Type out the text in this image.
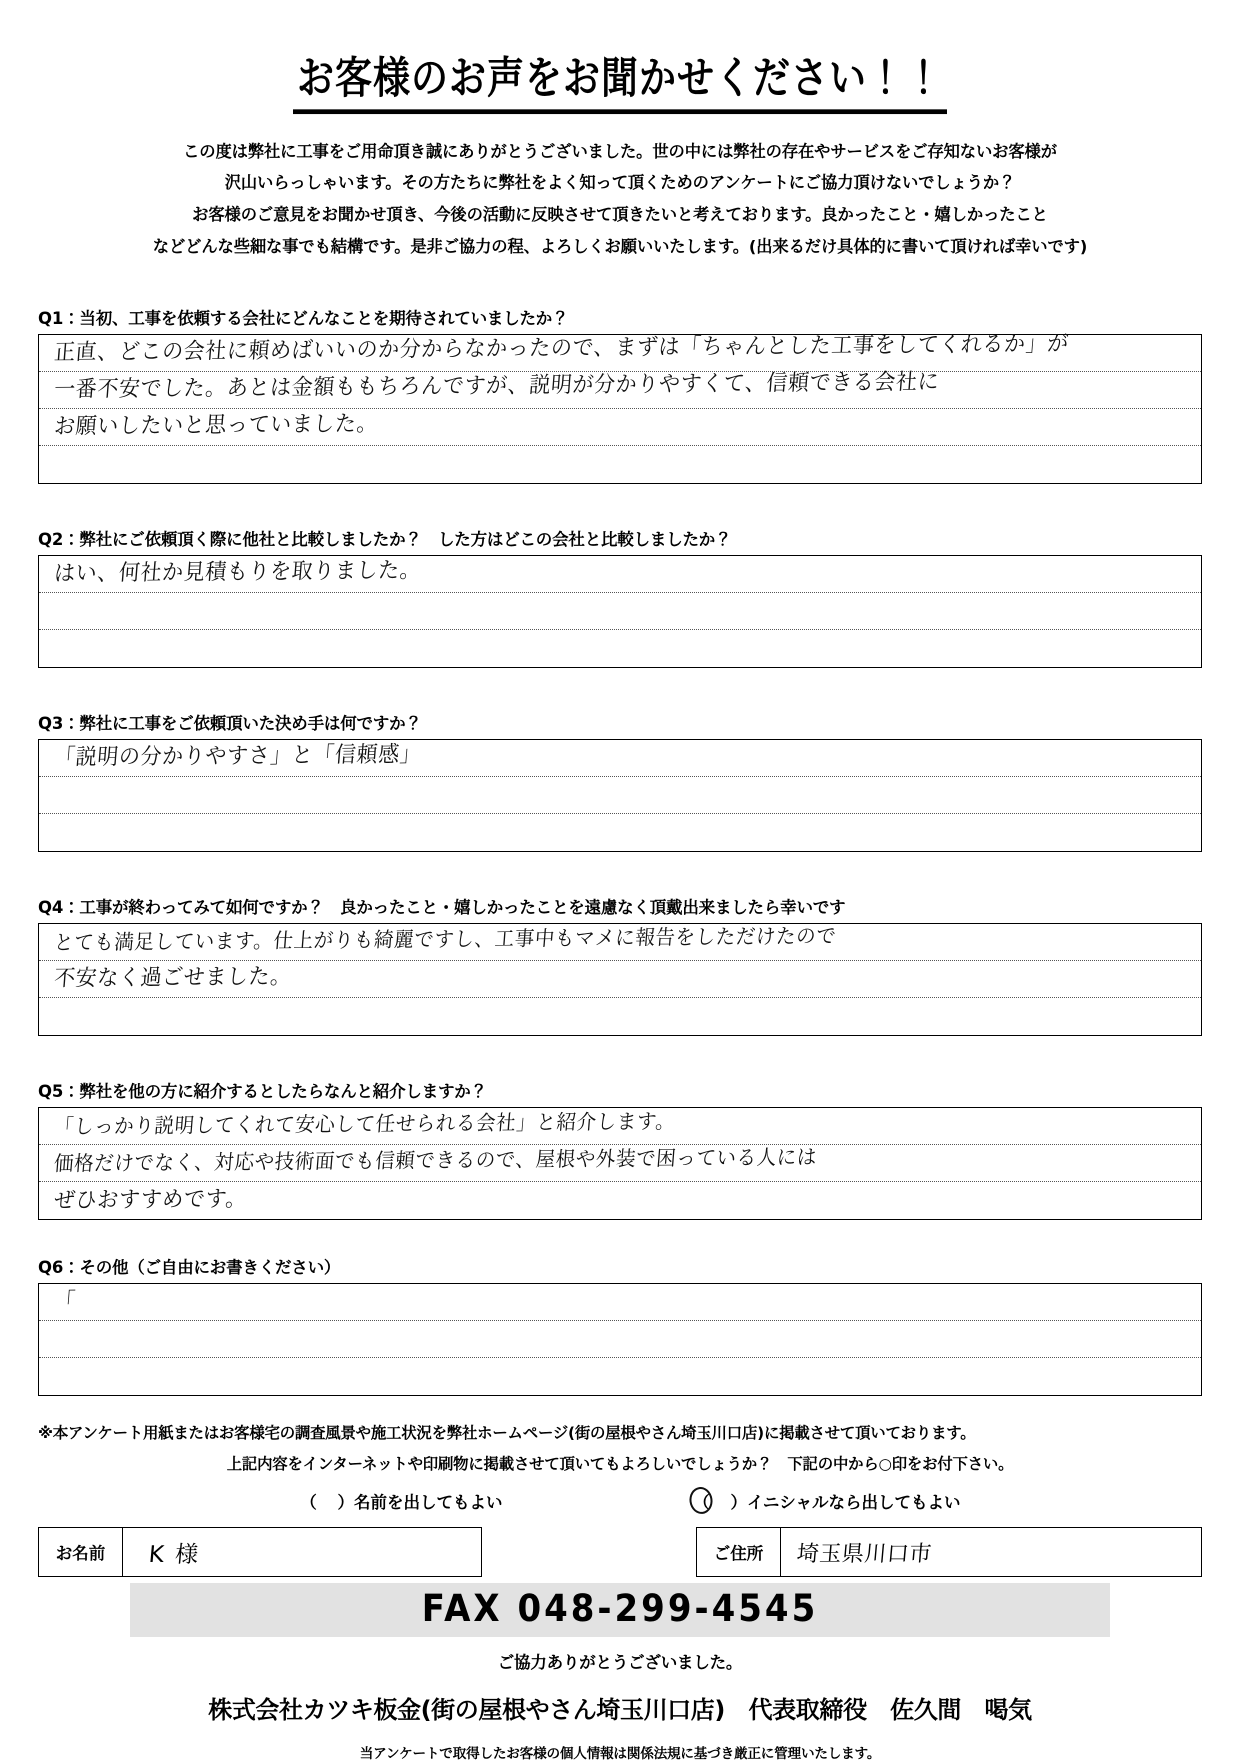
お客様のお声をお聞かせください！！
この度は弊社に工事をご用命頂き誠にありがとうございました。世の中には弊社の存在やサービスをご存知ないお客様が
沢山いらっしゃいます。その方たちに弊社をよく知って頂くためのアンケートにご協力頂けないでしょうか？
お客様のご意見をお聞かせ頂き、今後の活動に反映させて頂きたいと考えております。良かったこと・嬉しかったこと
などどんな些細な事でも結構です。是非ご協力の程、よろしくお願いいたします。(出来るだけ具体的に書いて頂ければ幸いです)
Q1：当初、工事を依頼する会社にどんなことを期待されていましたか？
正直、どこの会社に頼めばいいのか分からなかったので、まずは「ちゃんとした工事をしてくれるか」が
一番不安でした。あとは金額ももちろんですが、説明が分かりやすくて、信頼できる会社に
お願いしたいと思っていました。
Q2：弊社にご依頼頂く際に他社と比較しましたか？　した方はどこの会社と比較しましたか？
はい、何社か見積もりを取りました。
Q3：弊社に工事をご依頼頂いた決め手は何ですか？
「説明の分かりやすさ」と「信頼感」
Q4：工事が終わってみて如何ですか？　良かったこと・嬉しかったことを遠慮なく頂戴出来ましたら幸いです
とても満足しています。仕上がりも綺麗ですし、工事中もマメに報告をしただけたので
不安なく過ごせました。
Q5：弊社を他の方に紹介するとしたらなんと紹介しますか？
「しっかり説明してくれて安心して任せられる会社」と紹介します。
価格だけでなく、対応や技術面でも信頼できるので、屋根や外装で困っている人には
ぜひおすすめです。
Q6：その他（ご自由にお書きください）
「
※本アンケート用紙またはお客様宅の調査風景や施工状況を弊社ホームページ(街の屋根やさん埼玉川口店)に掲載させて頂いております。
上記内容をインターネットや印刷物に掲載させて頂いてもよろしいでしょうか？　下記の中から○印をお付下さい。
（	）名前を出してもよい	（	）イニシャルなら出してもよい
お名前	K 様	ご住所	埼玉県川口市
FAX 048-299-4545
ご協力ありがとうございました。
株式会社カツキ板金(街の屋根やさん埼玉川口店)　代表取締役　佐久間　喝気
当アンケートで取得したお客様の個人情報は関係法規に基づき厳正に管理いたします。
